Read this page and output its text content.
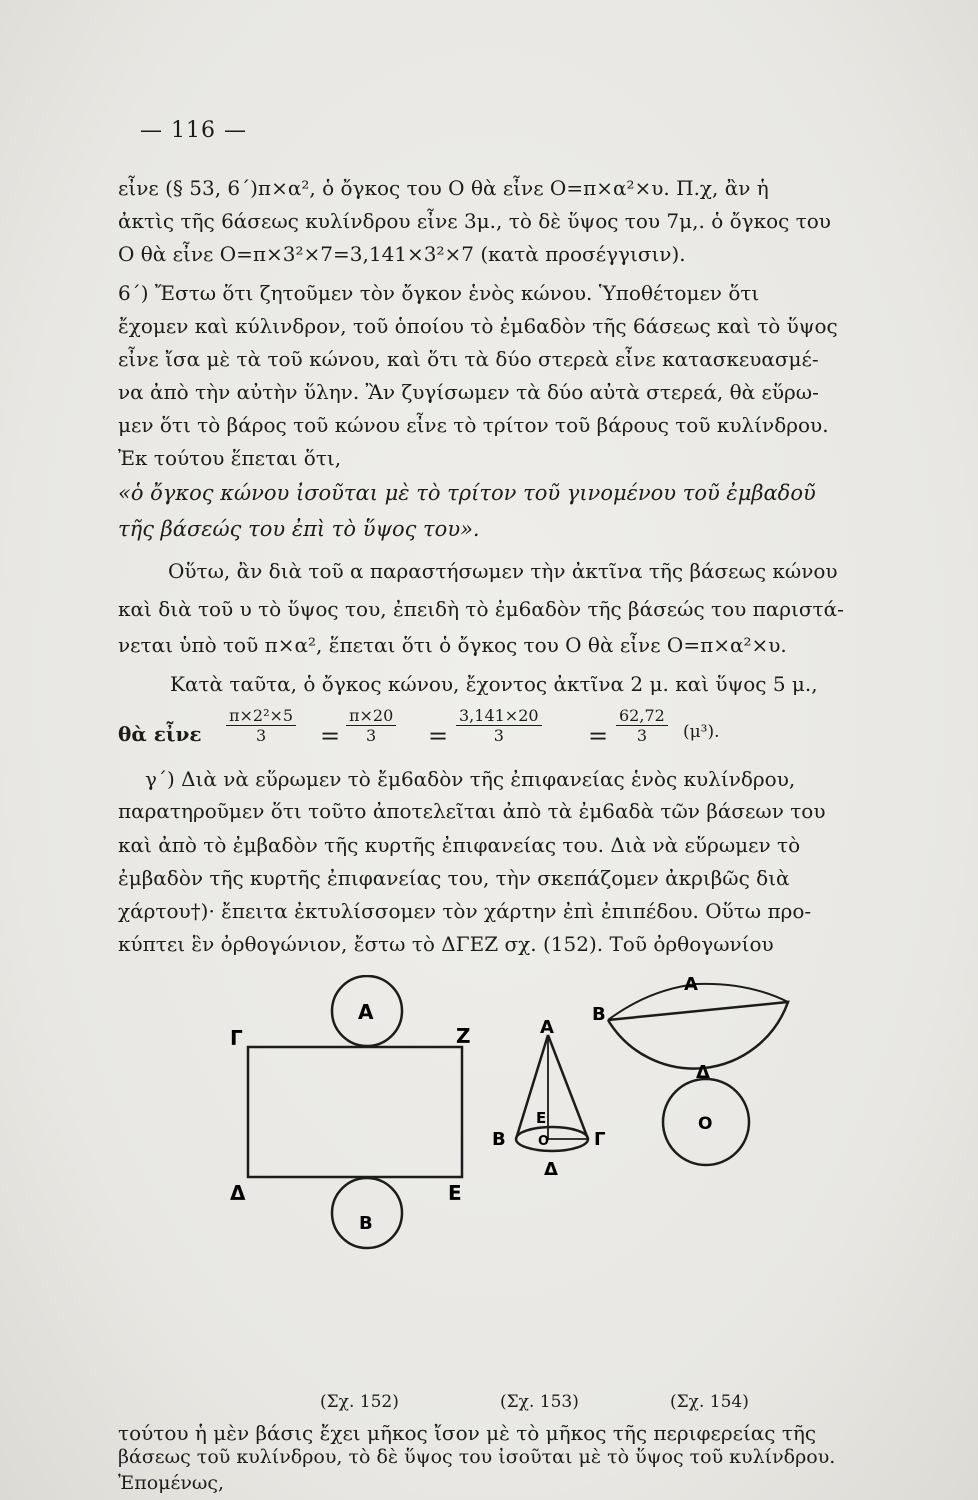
— 116 —
εἶνε (§ 53, 6΄)π×α², ὁ ὄγκος του Ο θὰ εἶνε Ο=π×α²×υ. Π.χ, ἂν ἡ
ἀκτὶς τῆς 6άσεως κυλίνδρου εἶνε 3μ., τὸ δὲ ὕψος του 7μ,. ὁ ὄγκος του
Ο θὰ εἶνε Ο=π×3²×7=3,141×3²×7 (κατὰ προσέγγισιν).
6΄) Ἔστω ὅτι ζητοῦμεν τὸν ὄγκον ἑνὸς κώνου. Ὑποθέτομεν ὅτι
ἔχομεν καὶ κύλινδρον, τοῦ ὁποίου τὸ ἐμ6αδὸν τῆς 6άσεως καὶ τὸ ὕψος
εἶνε ἴσα μὲ τὰ τοῦ κώνου, καὶ ὅτι τὰ δύο στερεὰ εἶνε κατασκευασμέ-
να ἀπὸ τὴν αὐτὴν ὕλην. Ἂν ζυγίσωμεν τὰ δύο αὐτὰ στερεά, θὰ εὕρω-
μεν ὅτι τὸ βάρος τοῦ κώνου εἶνε τὸ τρίτον τοῦ βάρους τοῦ κυλίνδρου.
Ἐκ τούτου ἕπεται ὅτι,
«ὁ ὄγκος κώνου ἰσοῦται μὲ τὸ τρίτον τοῦ γινομένου τοῦ ἐμβαδοῦ
τῆς βάσεώς του ἐπὶ τὸ ὕψος του».
Οὕτω, ἂν διὰ τοῦ α παραστήσωμεν τὴν ἀκτῖνα τῆς βάσεως κώνου
καὶ διὰ τοῦ υ τὸ ὕψος του, ἐπειδὴ τὸ ἐμ6αδὸν τῆς βάσεώς του παριστά-
νεται ὑπὸ τοῦ π×α², ἕπεται ὅτι ὁ ὄγκος του Ο θὰ εἶνε Ο=π×α²×υ.
Κατὰ ταῦτα, ὁ ὄγκος κώνου, ἔχοντος ἀκτῖνα 2 μ. καὶ ὕψος 5 μ.,
θὰ εἶνε $\frac{\text{π×2²×5}}{3} = \frac{\pi\times 20}{3} = \frac{3,141\times 20}{3} = \frac{62,72}{3} (\mu^3)$.
γ΄) Διὰ νὰ εὕρωμεν τὸ ἔμ6αδὸν τῆς ἐπιφανείας ἑνὸς κυλίνδρου,
παρατηροῦμεν ὅτι τοῦτο ἀποτελεῖται ἀπὸ τὰ ἐμ6αδὰ τῶν βάσεων του
καὶ ἀπὸ τὸ ἐμβαδὸν τῆς κυρτῆς ἐπιφανείας του. Διὰ νὰ εὕρωμεν τὸ
ἐμβαδὸν τῆς κυρτῆς ἐπιφανείας του, τὴν σκεπάζομεν ἀκριβῶς διὰ
χάρτου†)· ἔπειτα ἐκτυλίσσομεν τὸν χάρτην ἐπὶ ἐπιπέδου. Οὕτω προ-
κύπτει ἓν ὀρθογώνιον, ἔστω τὸ ΔΓΕΖ σχ. (152). Τοῦ ὀρθογωνίου
Α
Γ	Ζ
Δ	Ε
Β
Α
Ε
Ο
Β	Γ
Δ
Α
Β
Δ
Ο
(Σχ. 152)	(Σχ. 153)	(Σχ. 154)
τούτου ἡ μὲν βάσις ἔχει μῆκος ἴσον μὲ τὸ μῆκος τῆς περιφερείας τῆς
βάσεως τοῦ κυλίνδρου, τὸ δὲ ὕψος του ἰσοῦται μὲ τὸ ὕψος τοῦ κυλίνδρου.
Ἐπομένως,
